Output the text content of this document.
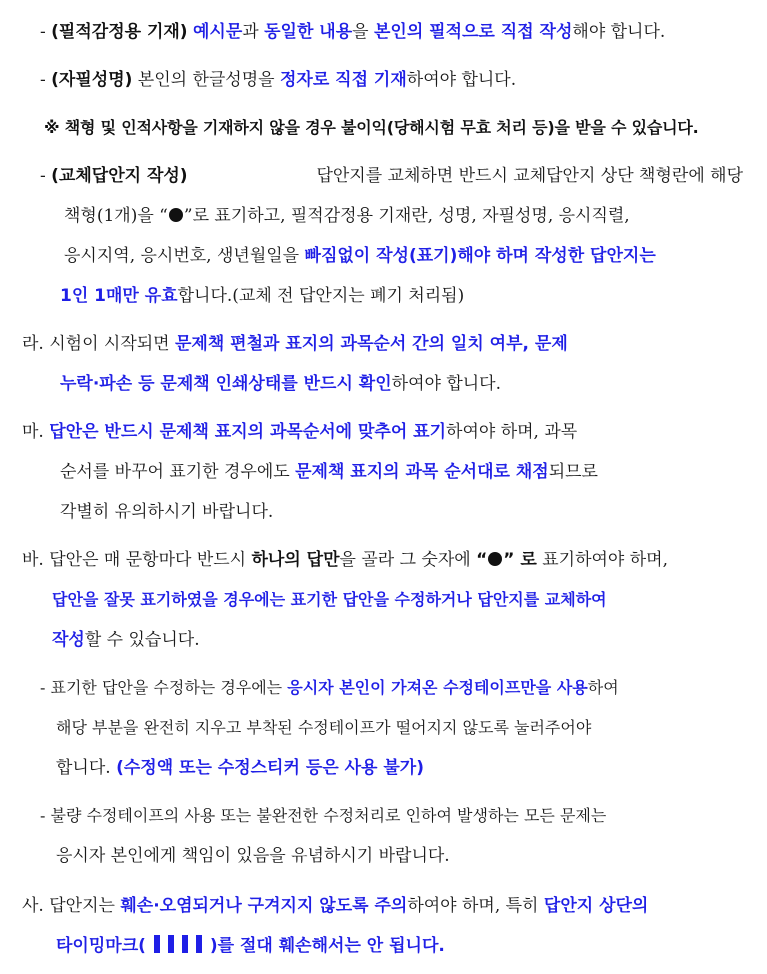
- (필적감정용 기재) 예시문과 동일한 내용을 본인의 필적으로 직접 작성해야 합니다.
- (자필성명) 본인의 한글성명을 정자로 직접 기재하여야 합니다.
※ 책형 및 인적사항을 기재하지 않을 경우 불이익(당해시험 무효 처리 등)을 받을 수 있습니다.
- (교체답안지 작성)	답안지를 교체하면 반드시 교체답안지 상단 책형란에 해당
책형(1개)을 “ ”로 표기하고, 필적감정용 기재란, 성명, 자필성명, 응시직렬,
응시지역, 응시번호, 생년월일을 빠짐없이 작성(표기)해야 하며 작성한 답안지는
1인 1매만 유효합니다.(교체 전 답안지는 폐기 처리됨)
라. 시험이 시작되면 문제책 편철과 표지의 과목순서 간의 일치 여부, 문제
누락·파손 등 문제책 인쇄상태를 반드시 확인하여야 합니다.
마. 답안은 반드시 문제책 표지의 과목순서에 맞추어 표기하여야 하며, 과목
순서를 바꾸어 표기한 경우에도 문제책 표지의 과목 순서대로 채점되므로
각별히 유의하시기 바랍니다.
바. 답안은 매 문항마다 반드시 하나의 답만을 골라 그 숫자에 “ ” 로 표기하여야 하며,
답안을 잘못 표기하였을 경우에는 표기한 답안을 수정하거나 답안지를 교체하여
작성할 수 있습니다.
- 표기한 답안을 수정하는 경우에는 응시자 본인이 가져온 수정테이프만을 사용하여
해당 부분을 완전히 지우고 부착된 수정테이프가 떨어지지 않도록 눌러주어야
합니다. (수정액 또는 수정스티커 등은 사용 불가)
- 불량 수정테이프의 사용 또는 불완전한 수정처리로 인하여 발생하는 모든 문제는
응시자 본인에게 책임이 있음을 유념하시기 바랍니다.
사. 답안지는 훼손·오염되거나 구겨지지 않도록 주의하여야 하며, 특히 답안지 상단의
타이밍마크(	)를 절대 훼손해서는 안 됩니다.
